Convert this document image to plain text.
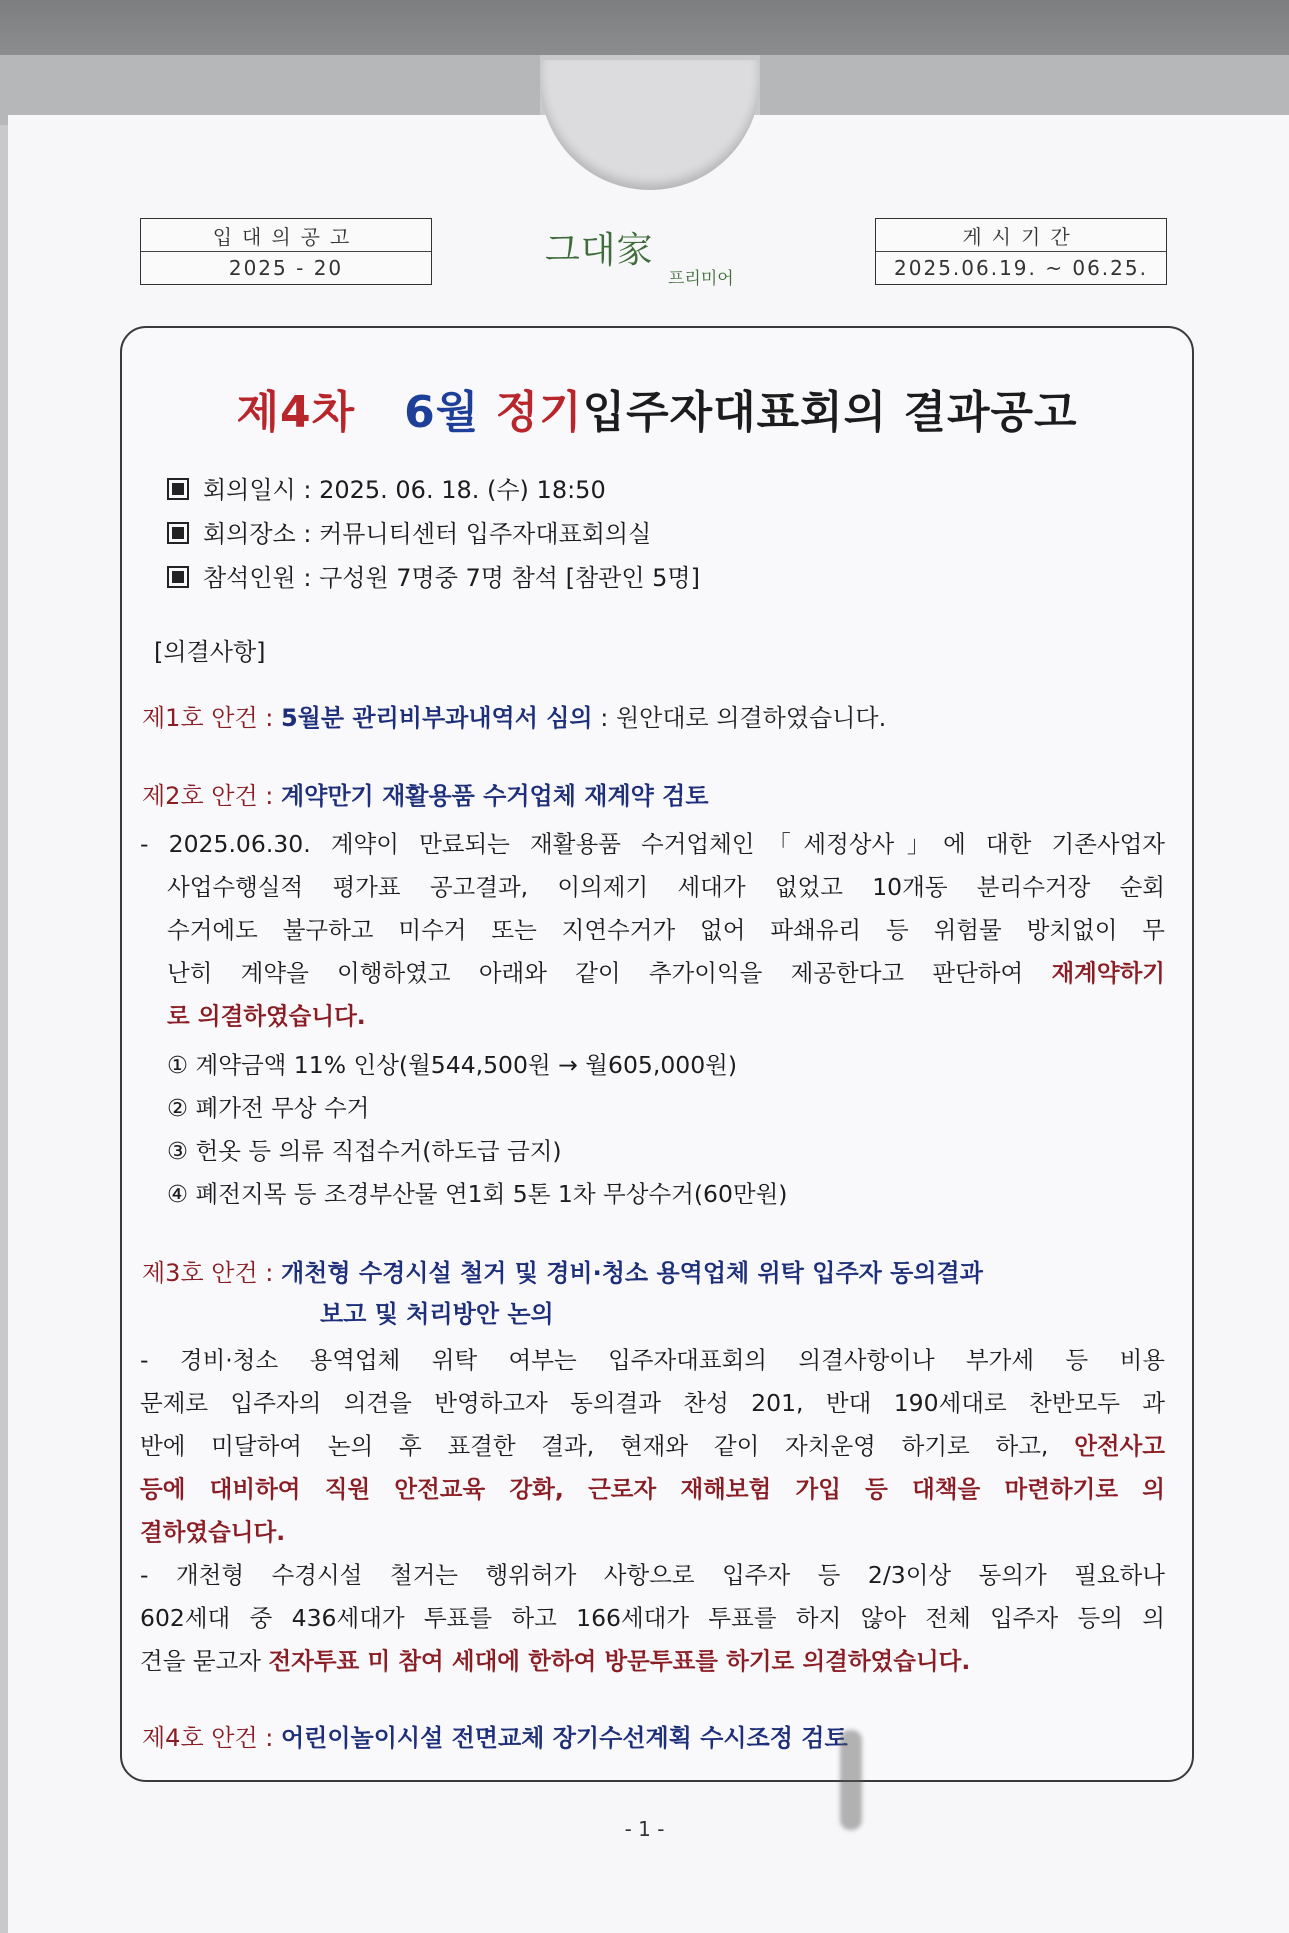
입대의공고
2025 - 20	그대家
프리미어
게시기간
2025.06.19. ~ 06.25.
제4차 6월 정기입주자대표회의 결과공고
회의일시 : 2025. 06. 18. (수) 18:50
회의장소 : 커뮤니티센터 입주자대표회의실
참석인원 : 구성원 7명중 7명 참석 [참관인 5명]
[의결사항]
제1호 안건 : 5월분 관리비부과내역서 심의 : 원안대로 의결하였습니다.
제2호 안건 : 계약만기 재활용품 수거업체 재계약 검토
- 2025.06.30. 계약이 만료되는 재활용품 수거업체인「세정상사」에 대한 기존사업자
사업수행실적 평가표 공고결과, 이의제기 세대가 없었고 10개동 분리수거장 순회
수거에도 불구하고 미수거 또는 지연수거가 없어 파쇄유리 등 위험물 방치없이 무
난히 계약을 이행하였고 아래와 같이 추가이익을 제공한다고 판단하여 재계약하기
로 의결하였습니다.
① 계약금액 11% 인상(월544,500원 → 월605,000원)
② 폐가전 무상 수거
③ 헌옷 등 의류 직접수거(하도급 금지)
④ 폐전지목 등 조경부산물 연1회 5톤 1차 무상수거(60만원)
제3호 안건 : 개천형 수경시설 철거 및 경비·청소 용역업체 위탁 입주자 동의결과
보고 및 처리방안 논의
- 경비·청소 용역업체 위탁 여부는 입주자대표회의 의결사항이나 부가세 등 비용
문제로 입주자의 의견을 반영하고자 동의결과 찬성 201, 반대 190세대로 찬반모두 과
반에 미달하여 논의 후 표결한 결과, 현재와 같이 자치운영 하기로 하고, 안전사고
등에 대비하여 직원 안전교육 강화, 근로자 재해보험 가입 등 대책을 마련하기로 의
결하였습니다.
- 개천형 수경시설 철거는 행위허가 사항으로 입주자 등 2/3이상 동의가 필요하나
602세대 중 436세대가 투표를 하고 166세대가 투표를 하지 않아 전체 입주자 등의 의
견을 묻고자 전자투표 미 참여 세대에 한하여 방문투표를 하기로 의결하였습니다.
제4호 안건 : 어린이놀이시설 전면교체 장기수선계획 수시조정 검토
- 1 -
